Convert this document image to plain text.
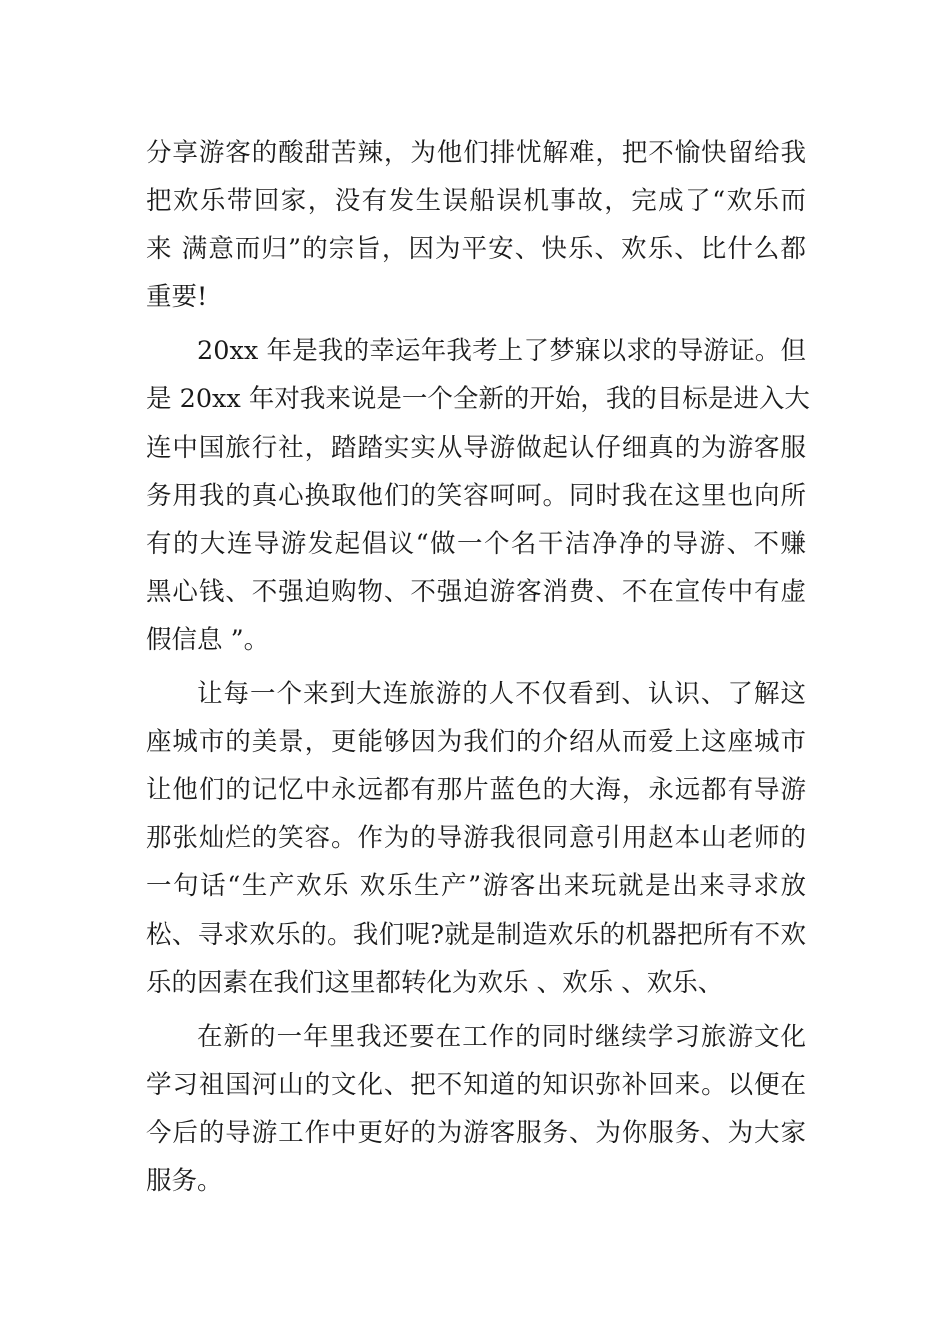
分享游客的酸甜苦辣，为他们排忧解难，把不愉快留给我
把欢乐带回家，没有发生误船误机事故，完成了“欢乐而
来 满意而归”的宗旨，因为平安、快乐、欢乐、比什么都
重要!
20xx 年是我的幸运年我考上了梦寐以求的导游证。但
是 20xx 年对我来说是一个全新的开始，我的目标是进入大
连中国旅行社，踏踏实实从导游做起认仔细真的为游客服
务用我的真心换取他们的笑容呵呵。同时我在这里也向所
有的大连导游发起倡议“做一个名干洁净净的导游、不赚
黑心钱、不强迫购物、不强迫游客消费、不在宣传中有虚
假信息 ”。
让每一个来到大连旅游的人不仅看到、认识、了解这
座城市的美景，更能够因为我们的介绍从而爱上这座城市
让他们的记忆中永远都有那片蓝色的大海，永远都有导游
那张灿烂的笑容。作为的导游我很同意引用赵本山老师的
一句话“生产欢乐 欢乐生产”游客出来玩就是出来寻求放
松、寻求欢乐的。我们呢?就是制造欢乐的机器把所有不欢
乐的因素在我们这里都转化为欢乐 、欢乐 、欢乐、
在新的一年里我还要在工作的同时继续学习旅游文化
学习祖国河山的文化、把不知道的知识弥补回来。以便在
今后的导游工作中更好的为游客服务、为你服务、为大家
服务。
